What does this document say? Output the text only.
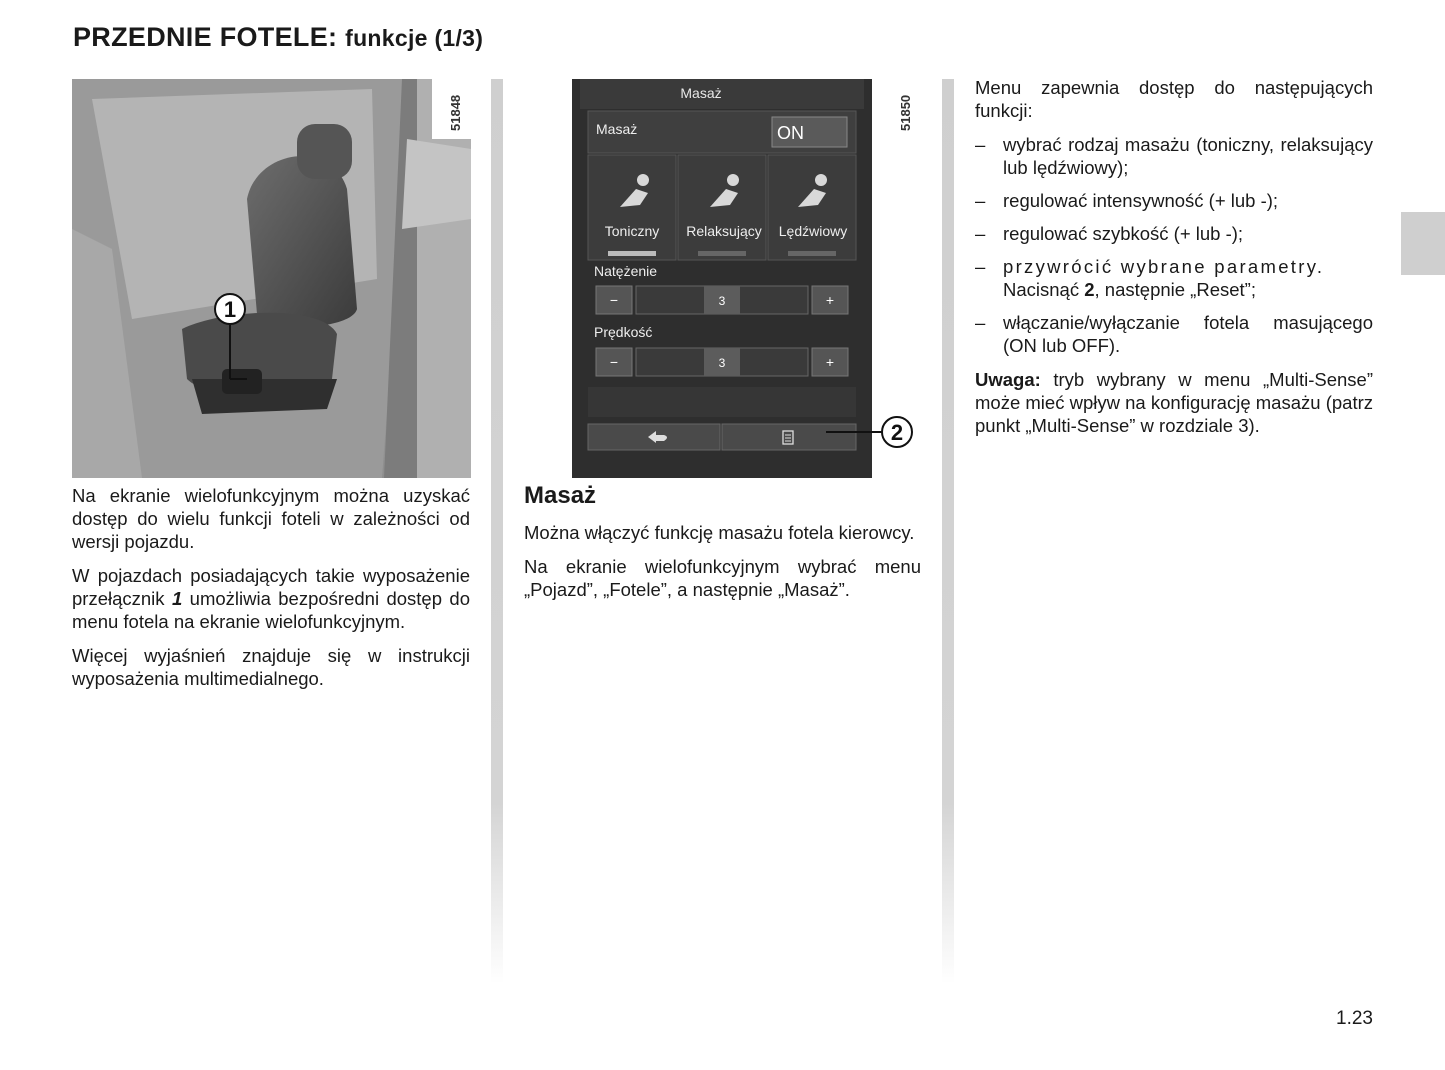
PRZEDNIE FOTELE: funkcje (1/3)
1
51848
Masaż
Masaż	ON
Toniczny Relaksujący Lędźwiowy
Natężenie
−	3	+
Prędkość
−	3	+
2
51850

Na ekranie wielofunkcyjnym można uzyskać dostęp do wielu funkcji foteli w zależności od wersji pojazdu.

W pojazdach posiadających takie wyposażenie przełącznik 1 umożliwia bezpośredni dostęp do menu fotela na ekranie wielofunkcyjnym.

Więcej wyjaśnień znajduje się w instrukcji wyposażenia multimedialnego.

Masaż

Można włączyć funkcję masażu fotela kierowcy.

Na ekranie wielofunkcyjnym wybrać menu „Pojazd”, „Fotele”, a następnie „Masaż”.

Menu zapewnia dostęp do następujących funkcji:

– wybrać rodzaj masażu (toniczny, relaksujący lub lędźwiowy);
– regulować intensywność (+ lub -);
– regulować szybkość (+ lub -);
– przywrócić wybrane parametry.
Nacisnąć 2, następnie „Reset”;
– włączanie/wyłączanie fotela masującego (ON lub OFF).

Uwaga: tryb wybrany w menu „Multi-Sense” może mieć wpływ na konfigurację masażu (patrz punkt „Multi-Sense” w rozdziale 3).

1.23
